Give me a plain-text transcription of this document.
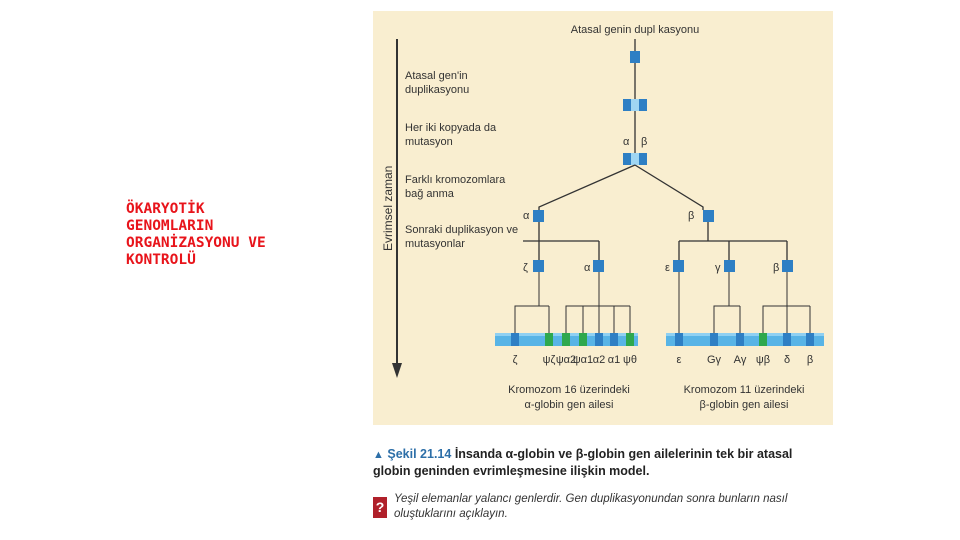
ÖKARYOTİK
GENOMLARIN
ORGANİZASYONU VE
KONTROLÜ
Evrimsel zaman
Atasal gen'in
duplikasyonu
Her iki kopyada da
mutasyon
Farklı kromozomlara
bağ anma
Sonraki duplikasyon ve
mutasyonlar
Atasal genin dupl kasyonu
α β
α	β
ζ	α	ε	γ	β
ζ ψζ ψα2
ψα1 α2 α1 ψθ	ε Gγ Aγ ψβ δ β
Kromozom 16 üzerindeki
α-globin gen ailesi
Kromozom 11 üzerindeki
β-globin gen ailesi
▲ Şekil 21.14 İnsanda α-globin ve β-globin gen ailelerinin tek bir atasal globin geninden evrimleşmesine ilişkin model.
? Yeşil elemanlar yalancı genlerdir. Gen duplikasyonundan sonra bunların nasıl oluştuklarını açıklayın.
